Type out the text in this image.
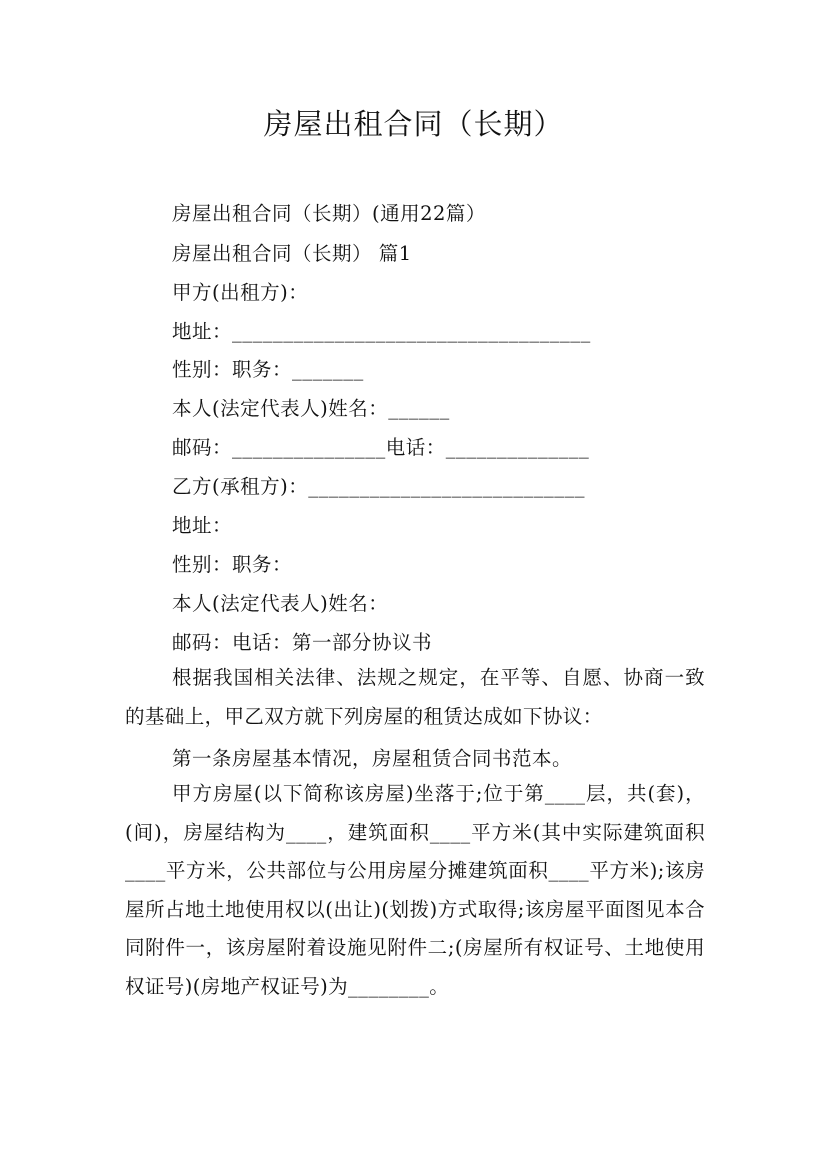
房屋出租合同（长期）
房屋出租合同（长期）(通用22篇）
房屋出租合同（长期） 篇1
甲方(出租方)：
地址：___________________________________
性别：职务：_______
本人(法定代表人)姓名：______
邮码：_______________电话：______________
乙方(承租方)：___________________________
地址：
性别：职务：
本人(法定代表人)姓名：
邮码：电话：第一部分协议书
根据我国相关法律、法规之规定，在平等、自愿、协商一致的基础上，甲乙双方就下列房屋的租赁达成如下协议：
第一条房屋基本情况，房屋租赁合同书范本。
甲方房屋(以下简称该房屋)坐落于;位于第____层，共(套)，(间)，房屋结构为____，建筑面积____平方米(其中实际建筑面积____平方米，公共部位与公用房屋分摊建筑面积____平方米);该房屋所占地土地使用权以(出让)(划拨)方式取得;该房屋平面图见本合同附件一，该房屋附着设施见附件二;(房屋所有权证号、土地使用权证号)(房地产权证号)为________。
